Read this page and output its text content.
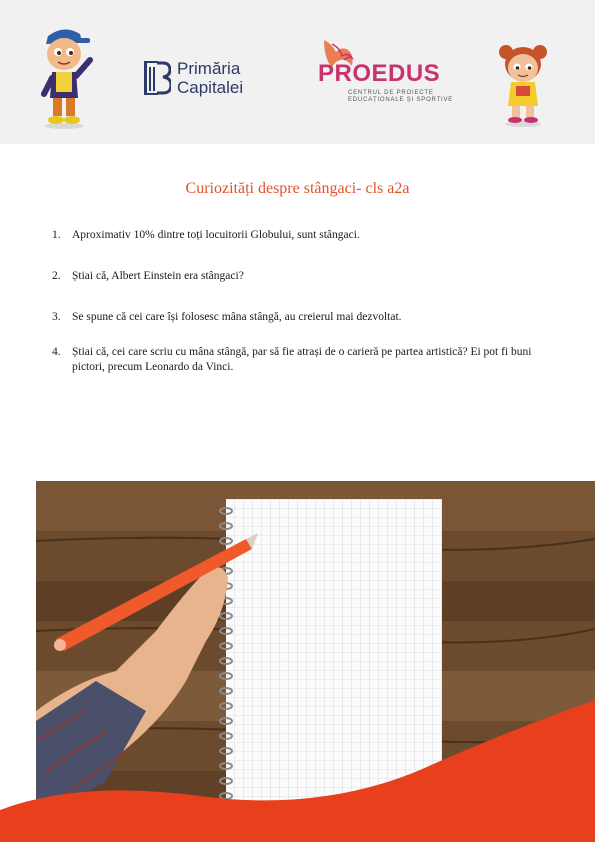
Primăria
Capitalei
PROEDUS
CENTRUL DE PROIECTE
EDUCAȚIONALE ȘI SPORTIVE
Curiozități despre stângaci- cls a2a
1. Aproximativ 10% dintre toți locuitorii Globului, sunt stângaci.
2. Știai că, Albert Einstein era stângaci?
3. Se spune că cei care își folosesc mâna stângă, au creierul mai dezvoltat.
4. Știai că, cei care scriu cu mâna stângă, par să fie atrași de o carieră pe partea artistică? Ei pot fi buni pictori, precum Leonardo da Vinci.
